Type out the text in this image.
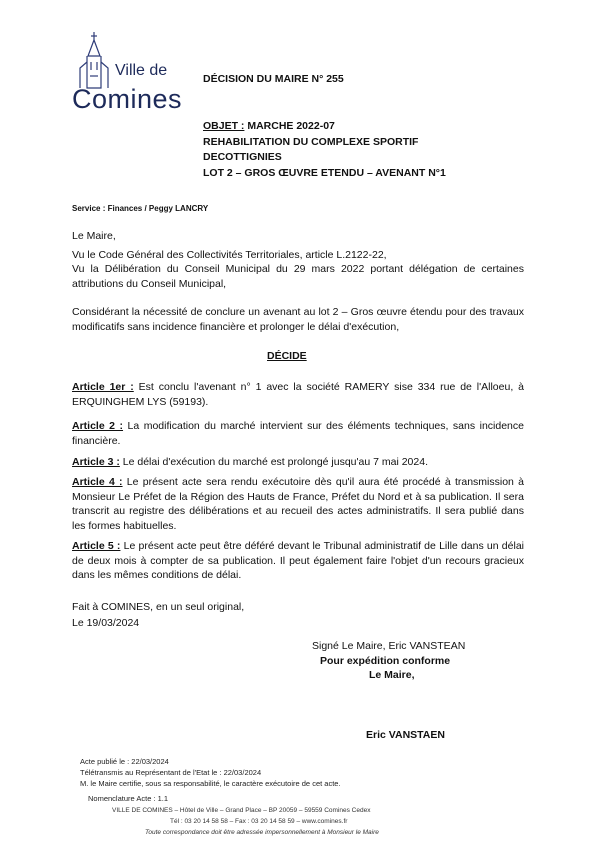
Ville de
Comines
DÉCISION DU MAIRE N° 255
OBJET : MARCHE 2022-07
REHABILITATION DU COMPLEXE SPORTIF
DECOTTIGNIES
LOT 2 – GROS ŒUVRE ETENDU – AVENANT N°1
Service : Finances / Peggy LANCRY
Le Maire,
Vu le Code Général des Collectivités Territoriales, article L.2122-22,
Vu la Délibération du Conseil Municipal du 29 mars 2022 portant délégation de certaines attributions du Conseil Municipal,
Considérant la nécessité de conclure un avenant au lot 2 – Gros œuvre étendu pour des travaux modificatifs sans incidence financière et prolonger le délai d'exécution,
DÉCIDE
Article 1er : Est conclu l'avenant n° 1 avec la société RAMERY sise 334 rue de l'Alloeu, à ERQUINGHEM LYS (59193).
Article 2 : La modification du marché intervient sur des éléments techniques, sans incidence financière.
Article 3 : Le délai d'exécution du marché est prolongé jusqu'au 7 mai 2024.
Article 4 : Le présent acte sera rendu exécutoire dès qu'il aura été procédé à transmission à Monsieur Le Préfet de la Région des Hauts de France, Préfet du Nord et à sa publication. Il sera transcrit au registre des délibérations et au recueil des actes administratifs. Il sera publié dans les formes habituelles.
Article 5 : Le présent acte peut être déféré devant le Tribunal administratif de Lille dans un délai de deux mois à compter de sa publication. Il peut également faire l'objet d'un recours gracieux dans les mêmes conditions de délai.
Fait à COMINES, en un seul original,
Le 19/03/2024
Signé Le Maire, Eric VANSTEAN
Pour expédition conforme
Le Maire,
Eric VANSTAEN
Acte publié le : 22/03/2024
Télétransmis au Représentant de l'Etat le : 22/03/2024
M. le Maire certifie, sous sa responsabilité, le caractère exécutoire de cet acte.
Nomenclature Acte : 1.1
VILLE DE COMINES – Hôtel de Ville – Grand Place – BP 20059 – 59559 Comines Cedex
Tél : 03 20 14 58 58 – Fax : 03 20 14 58 59 – www.comines.fr
Toute correspondance doit être adressée impersonnellement à Monsieur le Maire
